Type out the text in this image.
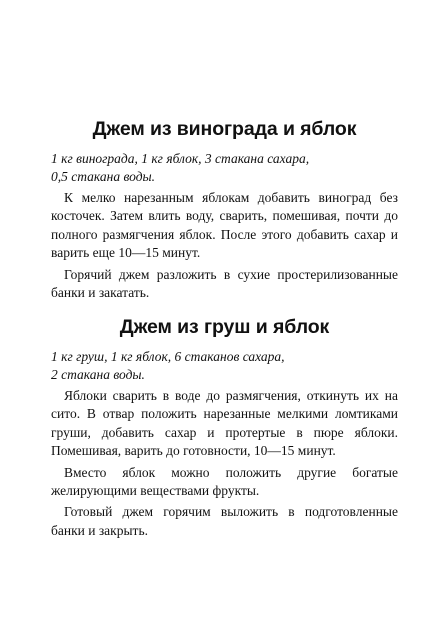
Джем из винограда и яблок

1 кг винограда, 1 кг яблок, 3 стакана сахара,
0,5 стакана воды.

К мелко нарезанным яблокам добавить виноград без косточек. Затем влить воду, сварить, помешивая, почти до полного размягчения яблок. После этого добавить сахар и варить еще 10—15 минут.

Горячий джем разложить в сухие простерилизованные банки и закатать.

Джем из груш и яблок

1 кг груш, 1 кг яблок, 6 стаканов сахара,
2 стакана воды.

Яблоки сварить в воде до размягчения, откинуть их на сито. В отвар положить нарезанные мелкими ломтиками груши, добавить сахар и протертые в пюре яблоки. Помешивая, варить до готовности, 10—15 минут.

Вместо яблок можно положить другие богатые желирующими веществами фрукты.

Готовый джем горячим выложить в подготовленные банки и закрыть.
